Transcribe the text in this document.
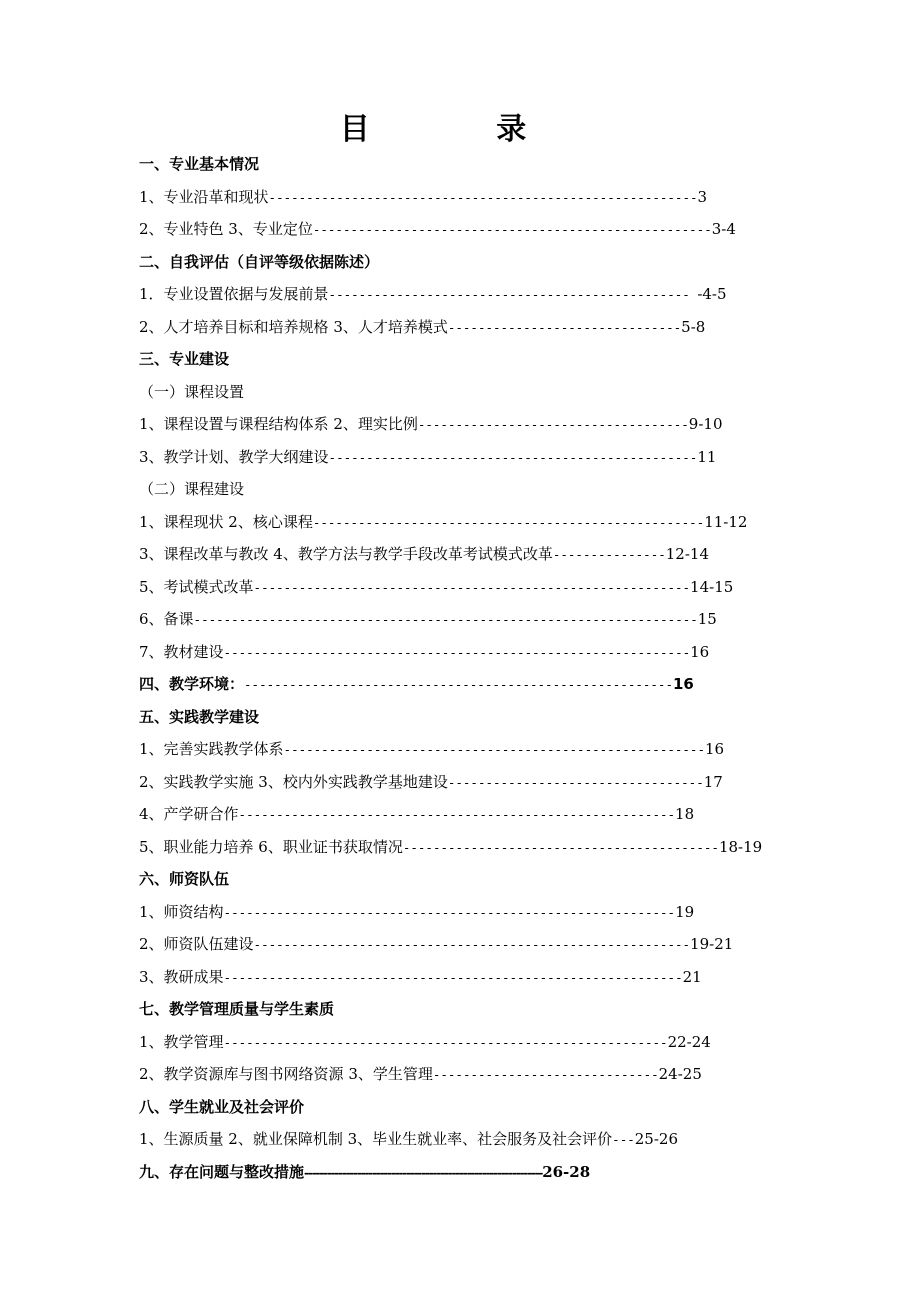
目 录
一、专业基本情况
1、专业沿革和现状---------------------------------------------------------3
2、专业特色 3、专业定位-----------------------------------------------------3-4
二、自我评估（自评等级依据陈述）
1．专业设置依据与发展前景------------------------------------------------ -4-5
2、人才培养目标和培养规格 3、人才培养模式-------------------------------5-8
三、专业建设
（一）课程设置
1、课程设置与课程结构体系 2、理实比例------------------------------------9-10
3、教学计划、教学大纲建设-------------------------------------------------11
（二）课程建设
1、课程现状 2、核心课程----------------------------------------------------11-12
3、课程改革与教改 4、教学方法与教学手段改革考试模式改革---------------12-14
5、考试模式改革----------------------------------------------------------14-15
6、备课-------------------------------------------------------------------15
7、教材建设--------------------------------------------------------------16
四、教学环境：---------------------------------------------------------16
五、实践教学建设
1、完善实践教学体系--------------------------------------------------------16
2、实践教学实施 3、校内外实践教学基地建设----------------------------------17
4、产学研合作----------------------------------------------------------18
5、职业能力培养 6、职业证书获取情况------------------------------------------18-19
六、师资队伍
1、师资结构------------------------------------------------------------19
2、师资队伍建设----------------------------------------------------------19-21
3、教研成果-------------------------------------------------------------21
七、教学管理质量与学生素质
1、教学管理-----------------------------------------------------------22-24
2、教学资源库与图书网络资源 3、学生管理------------------------------24-25
八、学生就业及社会评价
1、生源质量 2、就业保障机制 3、毕业生就业率、社会服务及社会评价---25-26
九、存在问题与整改措施---------------------------------------------------------------26-28
